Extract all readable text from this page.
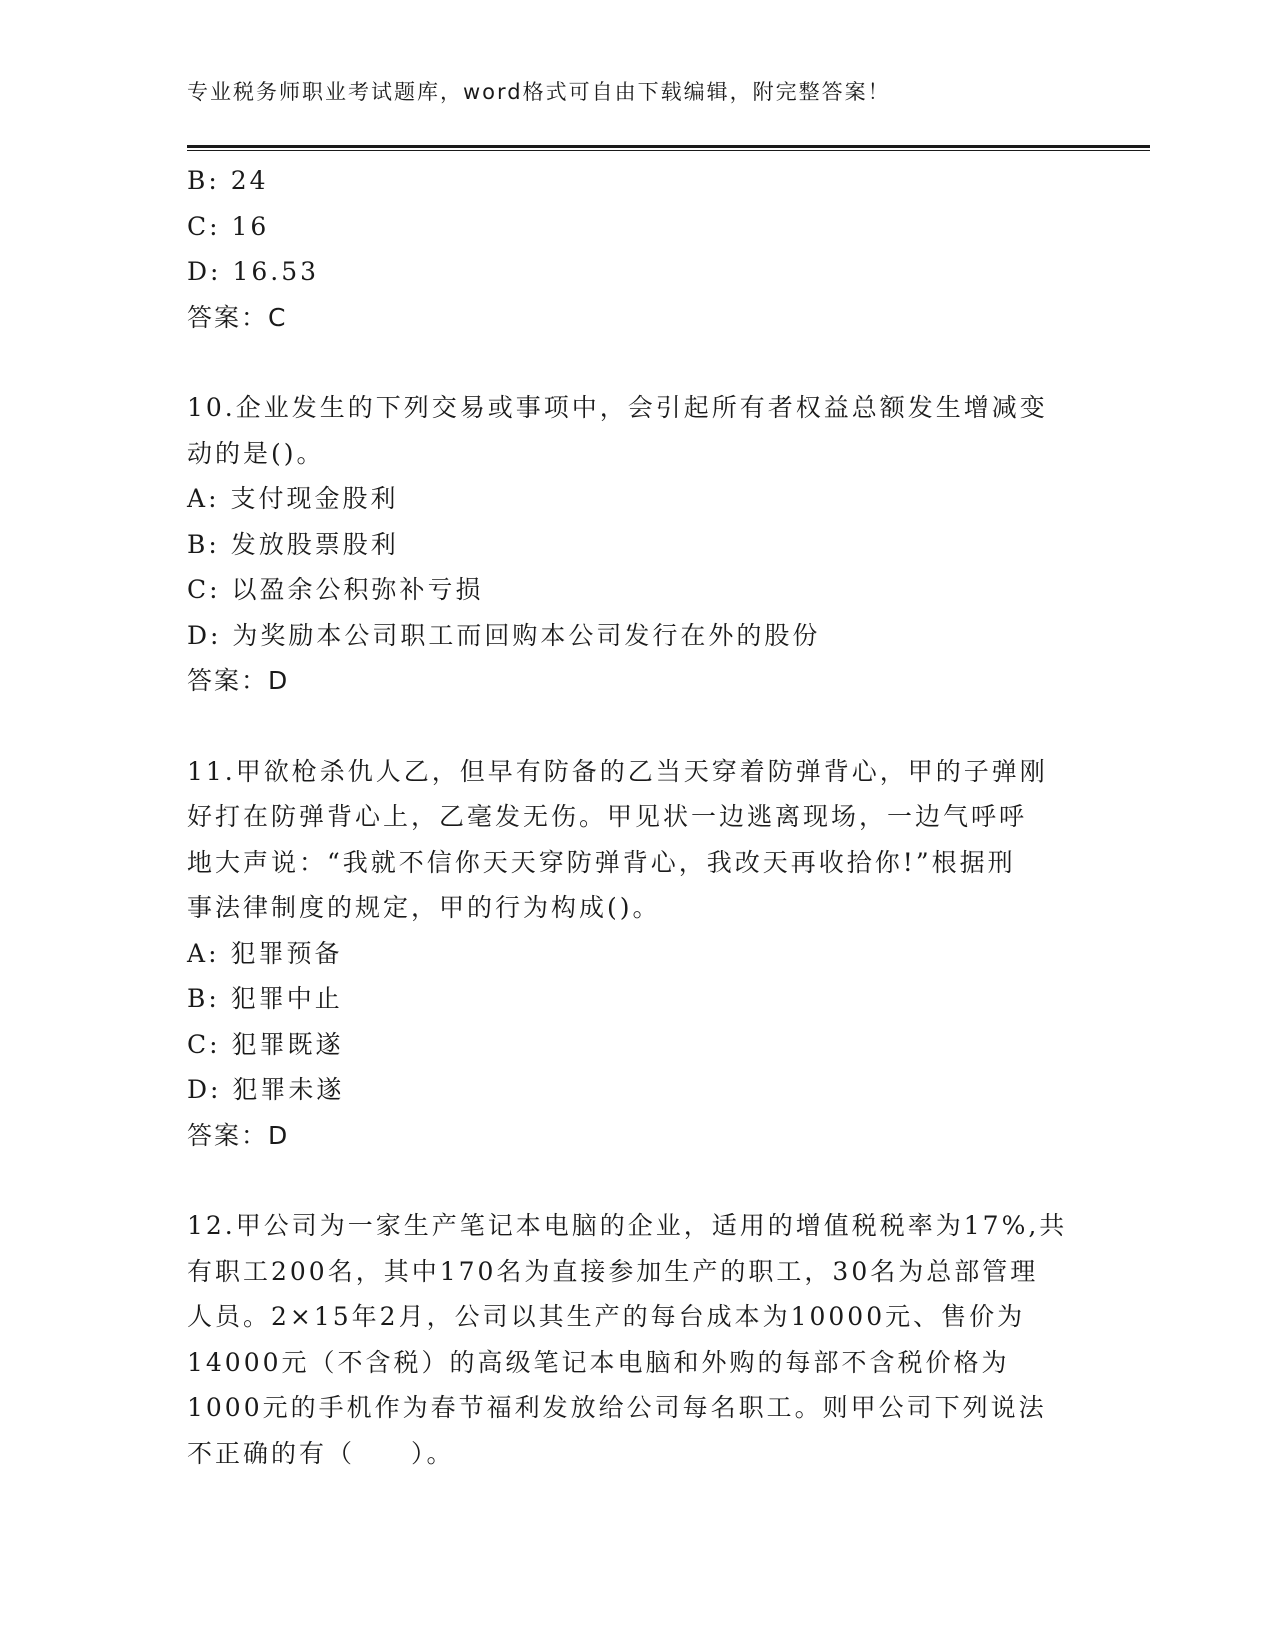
专业税务师职业考试题库，word格式可自由下载编辑，附完整答案！
B: 24
C: 16
D: 16.53
答案：C
10.企业发生的下列交易或事项中，会引起所有者权益总额发生增减变
动的是()。
A: 支付现金股利
B: 发放股票股利
C: 以盈余公积弥补亏损
D: 为奖励本公司职工而回购本公司发行在外的股份
答案：D
11.甲欲枪杀仇人乙，但早有防备的乙当天穿着防弹背心，甲的子弹刚
好打在防弹背心上，乙毫发无伤。甲见状一边逃离现场，一边气呼呼
地大声说：“我就不信你天天穿防弹背心，我改天再收拾你!”根据刑
事法律制度的规定，甲的行为构成()。
A: 犯罪预备
B: 犯罪中止
C: 犯罪既遂
D: 犯罪未遂
答案：D
12.甲公司为一家生产笔记本电脑的企业，适用的增值税税率为17%,共
有职工200名，其中170名为直接参加生产的职工，30名为总部管理
人员。2×15年2月，公司以其生产的每台成本为10000元、售价为
14000元（不含税）的高级笔记本电脑和外购的每部不含税价格为
1000元的手机作为春节福利发放给公司每名职工。则甲公司下列说法
不正确的有（　　）。
